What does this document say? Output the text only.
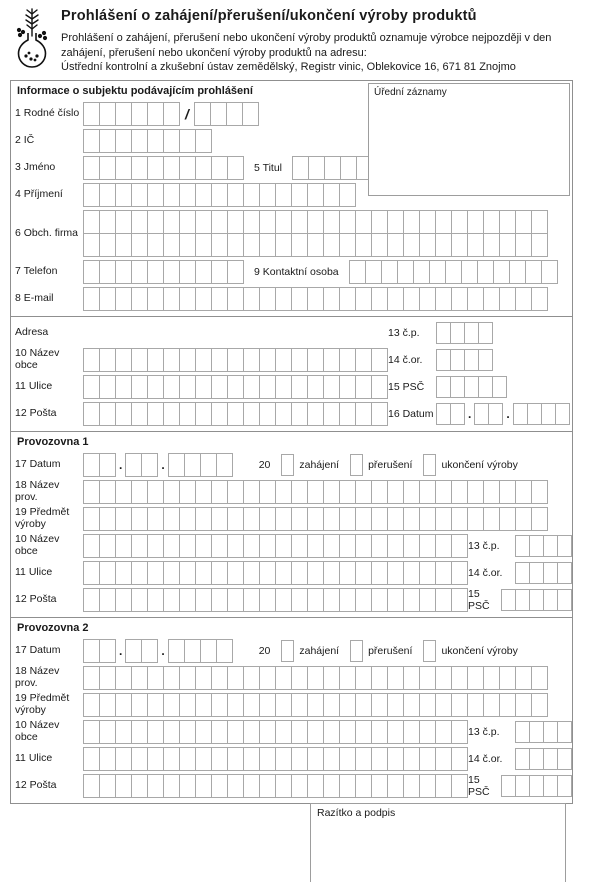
Prohlášení o zahájení/přerušení/ukončení výroby produktů

Prohlášení o zahájení, přerušení nebo ukončení výroby produktů oznamuje výrobce nejpozději v den

zahájení, přerušení nebo ukončení výroby produktů na adresu:

Ústřední kontrolní a zkušební ústav zemědělský, Registr vinic, Oblekovice 16, 671 81 Znojmo

Informace o subjektu podávajícím prohlášení	Úřední záznamy
1 Rodné číslo	/
2 IČ
3 Jméno	5 Titul
4 Příjmení
6 Obch. firma
7 Telefon	9 Kontaktní osoba
8 E-mail
Adresa	13 č.p.
10 Název obce	14 č.or.
11 Ulice	15 PSČ
12 Pošta	16 Datum	.	.
Provozovna 1
17 Datum	.	.	20	zahájení	přerušení	ukončení výroby
18 Název prov.
19 Předmět výroby
10 Název obce	13 č.p.
11 Ulice	14 č.or.
12 Pošta	15 PSČ
Provozovna 2
17 Datum	.	.	20	zahájení	přerušení	ukončení výroby
18 Název prov.
19 Předmět výroby
10 Název obce	13 č.p.
11 Ulice	14 č.or.
12 Pošta	15 PSČ
Razítko a podpis
